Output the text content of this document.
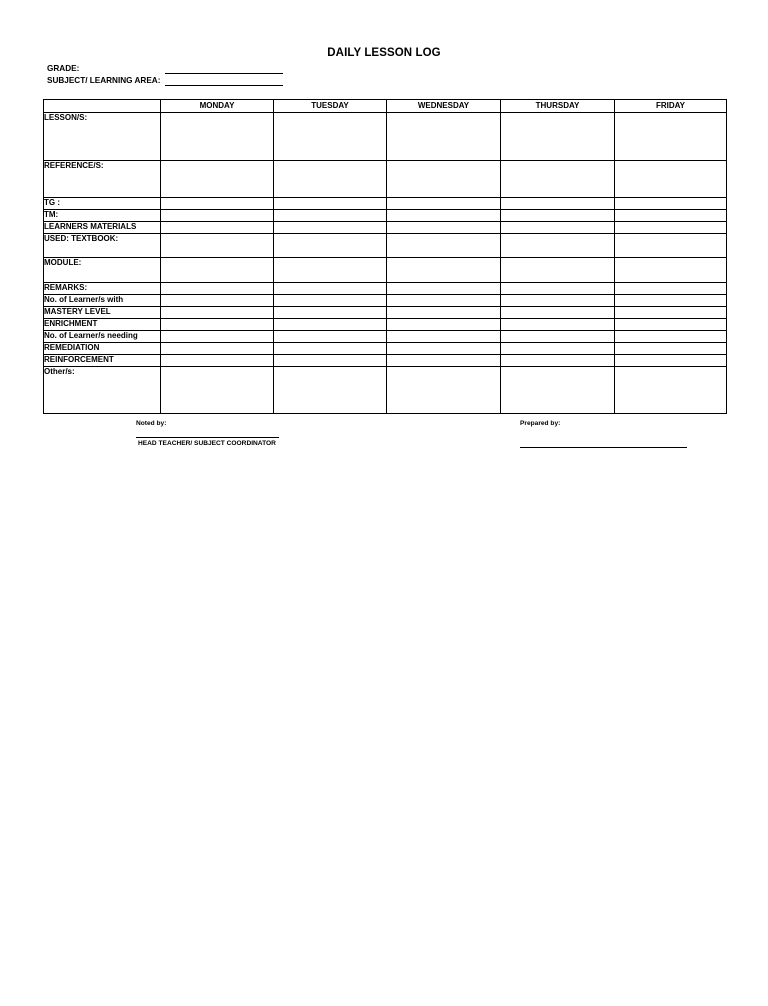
DAILY LESSON LOG
GRADE:
SUBJECT/ LEARNING AREA:
	MONDAY	TUESDAY	WEDNESDAY	THURSDAY	FRIDAY
LESSON/S:					
REFERENCE/S:					
TG :					
TM:					
LEARNERS MATERIALS					
USED: TEXTBOOK:					
MODULE:					
REMARKS:					
No. of Learner/s with					
MASTERY LEVEL					
ENRICHMENT					
No. of Learner/s needing					
REMEDIATION					
REINFORCEMENT					
Other/s:					
Noted by:
HEAD TEACHER/ SUBJECT COORDINATOR
Prepared by:
